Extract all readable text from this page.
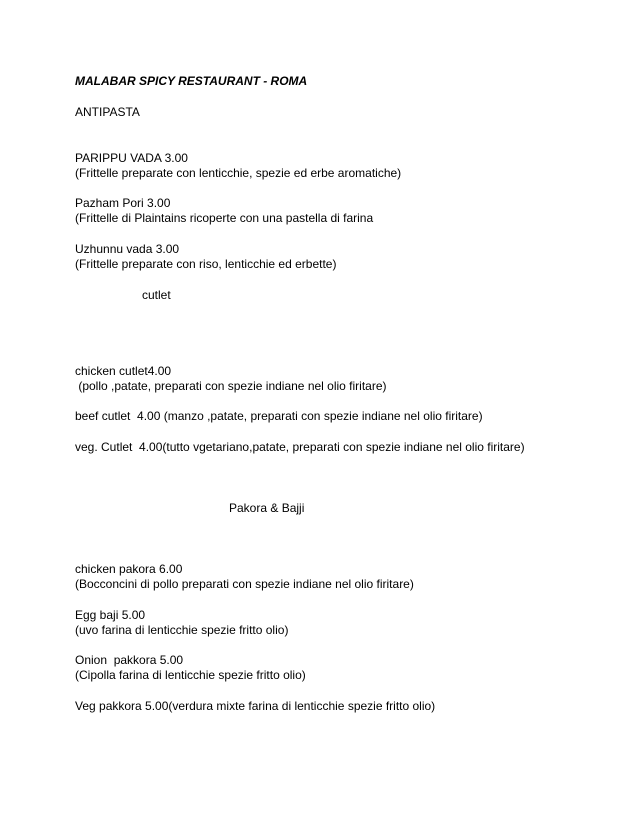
MALABAR SPICY RESTAURANT - ROMA
ANTIPASTA
PARIPPU VADA 3.00
(Frittelle preparate con lenticchie, spezie ed erbe aromatiche)
Pazham Pori 3.00
(Frittelle di Plaintains ricoperte con una pastella di farina
Uzhunnu vada 3.00
(Frittelle preparate con riso, lenticchie ed erbette)
cutlet
chicken cutlet4.00
(pollo ,patate, preparati con spezie indiane nel olio firitare)
beef cutlet  4.00 (manzo ,patate, preparati con spezie indiane nel olio firitare)
veg. Cutlet  4.00(tutto vgetariano,patate, preparati con spezie indiane nel olio firitare)
Pakora & Bajji
chicken pakora 6.00
(Bocconcini di pollo preparati con spezie indiane nel olio firitare)
Egg baji 5.00
(uvo farina di lenticchie spezie fritto olio)
Onion  pakkora 5.00
(Cipolla farina di lenticchie spezie fritto olio)
Veg pakkora 5.00(verdura mixte farina di lenticchie spezie fritto olio)
